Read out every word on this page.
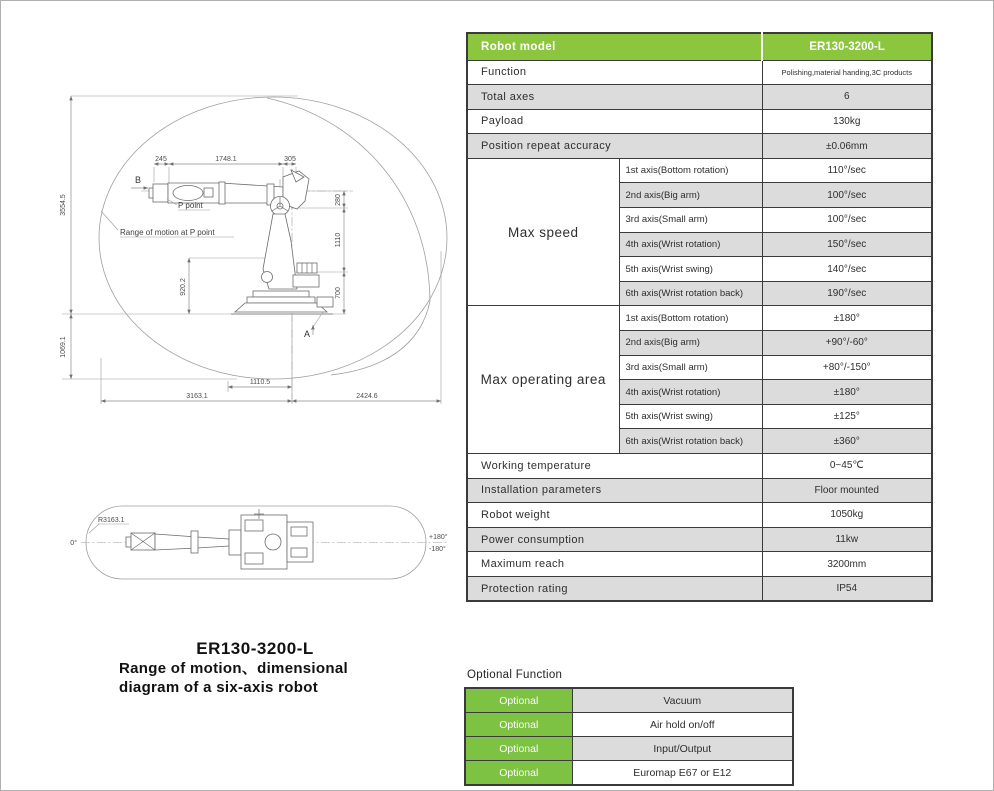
245	1748.1	305
3554.5
1069.1
280
1110
700
920.2
1110.5
3163.1	2424.6
B
P point
Range of motion at P point
A
R3163.1
0°
+180°
-180°
ER130-3200-L
Range of motion、dimensional
diagram of a six-axis robot
Robot model		ER130-3200-L
Function		Polishing,material handing,3C products
Total axes		6
Payload		130kg
Position repeat accuracy		±0.06mm
Max speed	1st axis(Bottom rotation)	110°/sec
	2nd axis(Big arm)	100°/sec
	3rd axis(Small arm)	100°/sec
	4th axis(Wrist rotation)	150°/sec
	5th axis(Wrist swing)	140°/sec
	6th axis(Wrist rotation back)	190°/sec
Max operating area	1st axis(Bottom rotation)	±180°
	2nd axis(Big arm)	+90°/-60°
	3rd axis(Small arm)	+80°/-150°
	4th axis(Wrist rotation)	±180°
	5th axis(Wrist swing)	±125°
	6th axis(Wrist rotation back)	±360°
Working temperature		0~45℃
Installation parameters		Floor mounted
Robot weight		1050kg
Power consumption		11kw
Maximum reach		3200mm
Protection rating		IP54
Optional Function
Optional	Vacuum
Optional	Air hold on/off
Optional	Input/Output
Optional	Euromap E67 or E12
